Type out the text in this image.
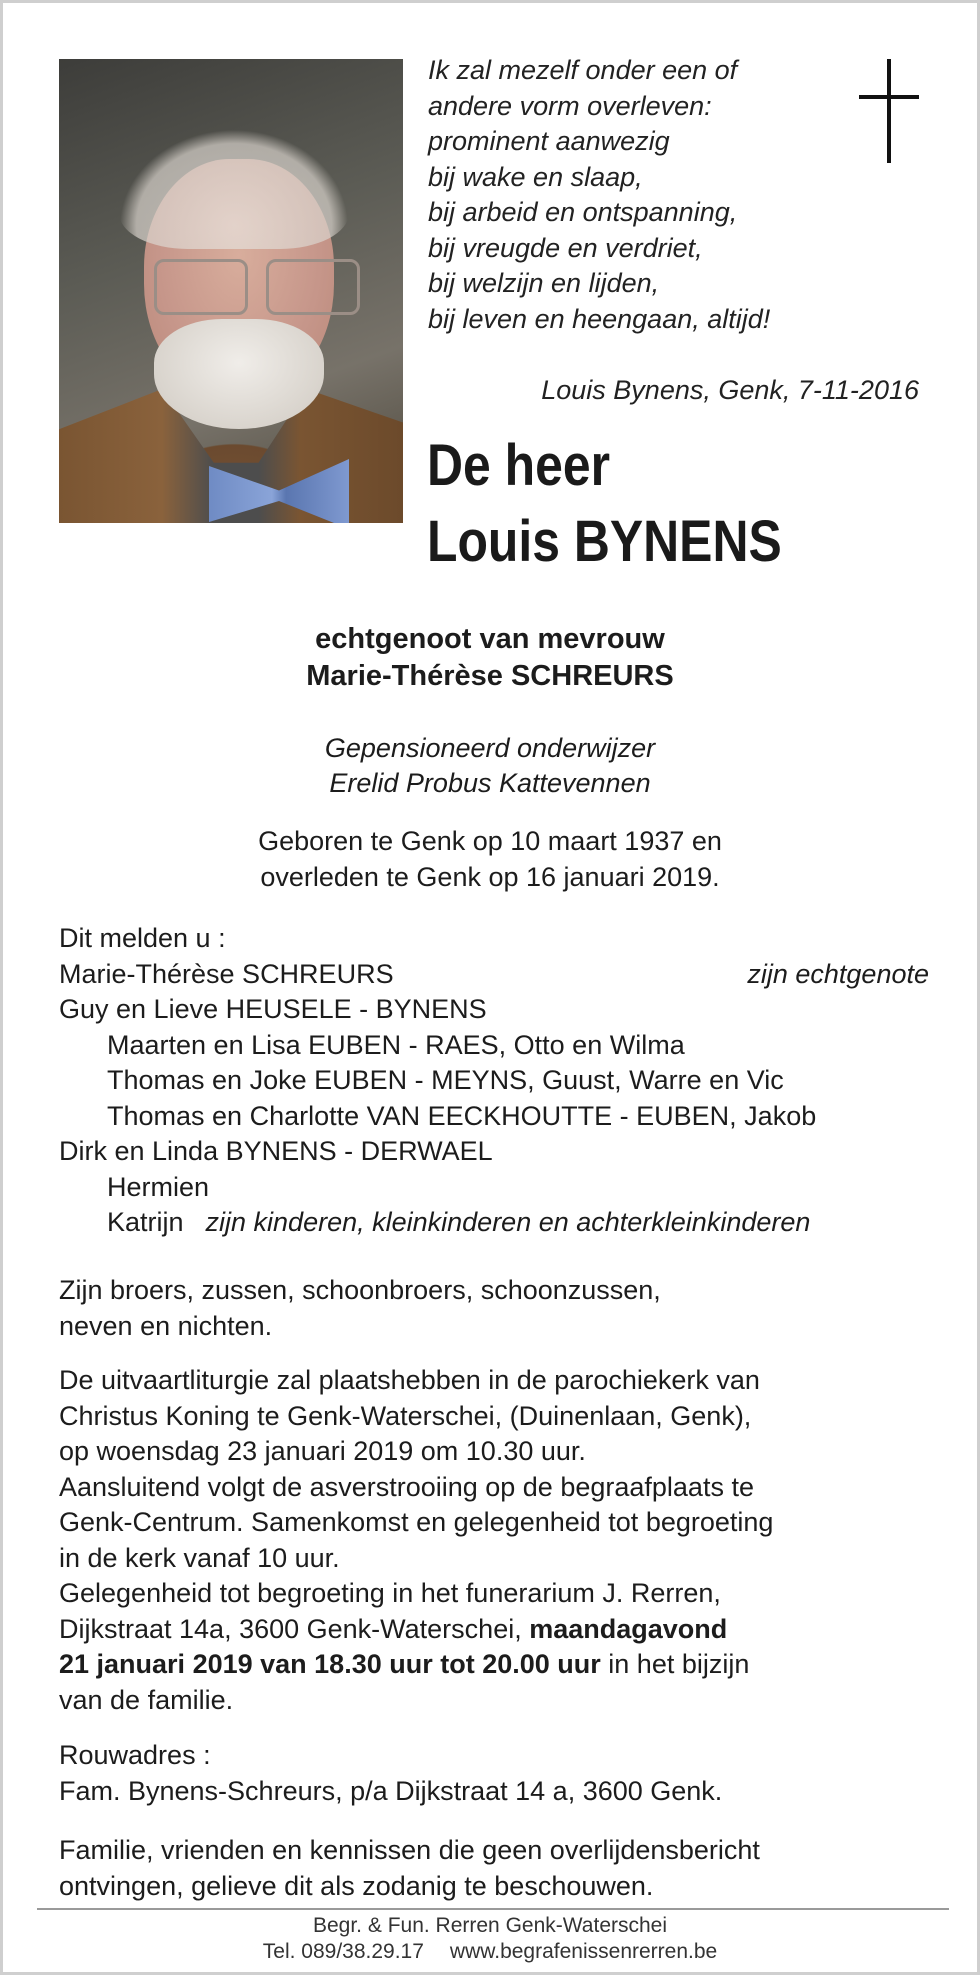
Ik zal mezelf onder een of
andere vorm overleven:
prominent aanwezig
bij wake en slaap,
bij arbeid en ontspanning,
bij vreugde en verdriet,
bij welzijn en lijden,
bij leven en heengaan, altijd!
Louis Bynens, Genk, 7-11-2016
De heer
Louis BYNENS
echtgenoot van mevrouw
Marie-Thérèse SCHREURS
Gepensioneerd onderwijzer
Erelid Probus Kattevennen
Geboren te Genk op 10 maart 1937 en
overleden te Genk op 16 januari 2019.
Dit melden u :
Marie-Thérèse SCHREURS	zijn echtgenote
Guy en Lieve HEUSELE - BYNENS
Maarten en Lisa EUBEN - RAES, Otto en Wilma
Thomas en Joke EUBEN - MEYNS, Guust, Warre en Vic
Thomas en Charlotte VAN EECKHOUTTE - EUBEN, Jakob
Dirk en Linda BYNENS - DERWAEL
Hermien
Katrijn zijn kinderen, kleinkinderen en achterkleinkinderen
Zijn broers, zussen, schoonbroers, schoonzussen,
neven en nichten.
De uitvaartliturgie zal plaatshebben in de parochiekerk van
Christus Koning te Genk-Waterschei, (Duinenlaan, Genk),
op woensdag 23 januari 2019 om 10.30 uur.
Aansluitend volgt de asverstrooiing op de begraafplaats te
Genk-Centrum. Samenkomst en gelegenheid tot begroeting
in de kerk vanaf 10 uur.
Gelegenheid tot begroeting in het funerarium J. Rerren,
Dijkstraat 14a, 3600 Genk-Waterschei, maandagavond
21 januari 2019 van 18.30 uur tot 20.00 uur in het bijzijn
van de familie.
Rouwadres :
Fam. Bynens-Schreurs, p/a Dijkstraat 14 a, 3600 Genk.
Familie, vrienden en kennissen die geen overlijdensbericht
ontvingen, gelieve dit als zodanig te beschouwen.
Begr. & Fun. Rerren Genk-Waterschei
Tel. 089/38.29.17 www.begrafenissenrerren.be
